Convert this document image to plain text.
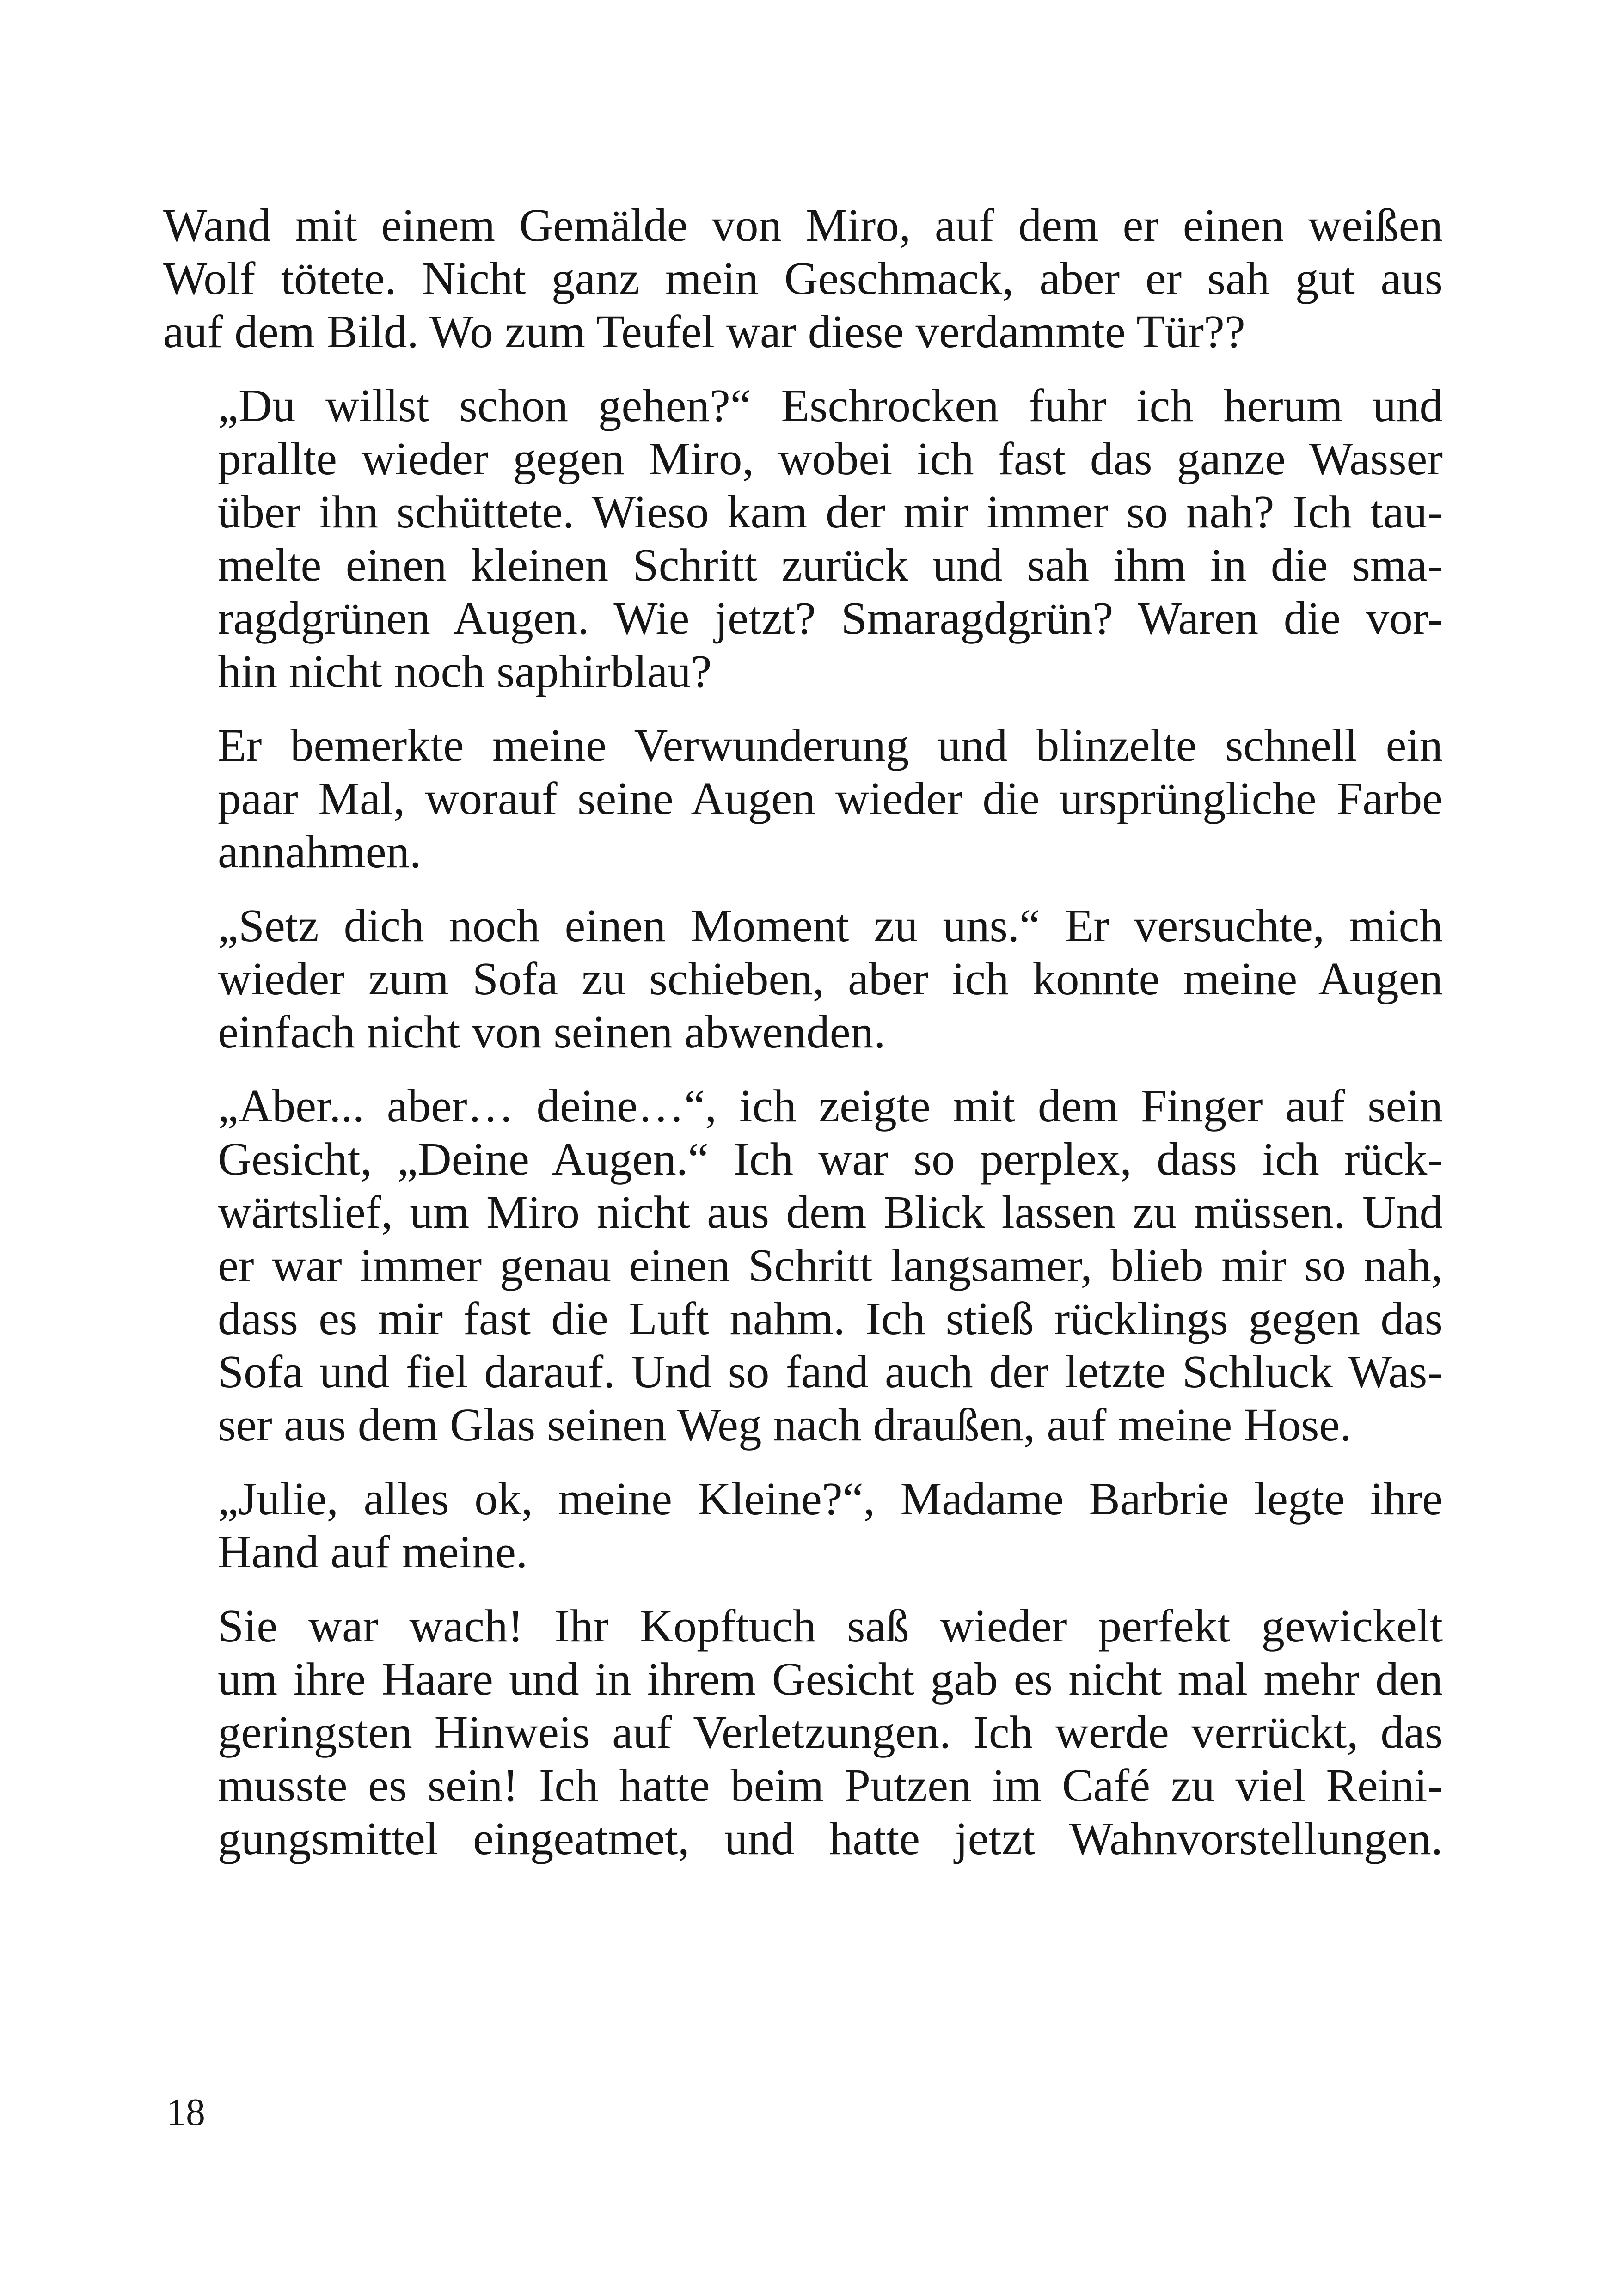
Wand mit einem Gemälde von Miro, auf dem er einen weißen
Wolf tötete. Nicht ganz mein Geschmack, aber er sah gut aus
auf dem Bild. Wo zum Teufel war diese verdammte Tür??
„Du willst schon gehen?“ Eschrocken fuhr ich herum und
prallte wieder gegen Miro, wobei ich fast das ganze Wasser
über ihn schüttete. Wieso kam der mir immer so nah? Ich tau-
melte einen kleinen Schritt zurück und sah ihm in die sma-
ragdgrünen Augen. Wie jetzt? Smaragdgrün? Waren die vor-
hin nicht noch saphirblau?
Er bemerkte meine Verwunderung und blinzelte schnell ein
paar Mal, worauf seine Augen wieder die ursprüngliche Farbe
annahmen.
„Setz dich noch einen Moment zu uns.“ Er versuchte, mich
wieder zum Sofa zu schieben, aber ich konnte meine Augen
einfach nicht von seinen abwenden.
„Aber... aber… deine…“, ich zeigte mit dem Finger auf sein
Gesicht, „Deine Augen.“ Ich war so perplex, dass ich rück-
wärtslief, um Miro nicht aus dem Blick lassen zu müssen. Und
er war immer genau einen Schritt langsamer, blieb mir so nah,
dass es mir fast die Luft nahm. Ich stieß rücklings gegen das
Sofa und fiel darauf. Und so fand auch der letzte Schluck Was-
ser aus dem Glas seinen Weg nach draußen, auf meine Hose.
„Julie, alles ok, meine Kleine?“, Madame Barbrie legte ihre
Hand auf meine.
Sie war wach! Ihr Kopftuch saß wieder perfekt gewickelt
um ihre Haare und in ihrem Gesicht gab es nicht mal mehr den
geringsten Hinweis auf Verletzungen. Ich werde verrückt, das
musste es sein! Ich hatte beim Putzen im Café zu viel Reini-
gungsmittel eingeatmet, und hatte jetzt Wahnvorstellungen.
18
